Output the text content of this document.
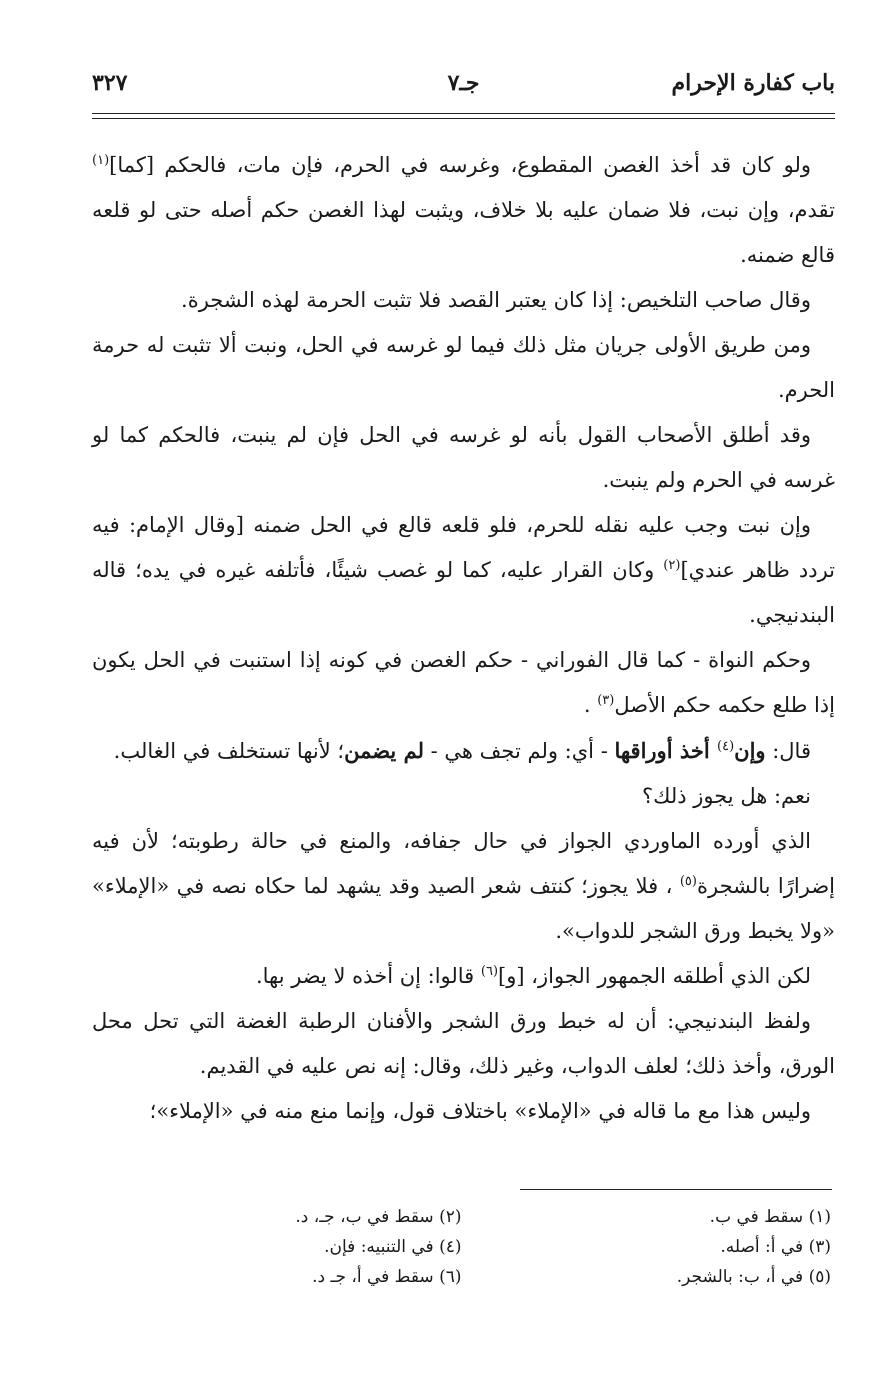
باب كفارة الإحرام
جـ٧
٣٢٧

ولو كان قد أخذ الغصن المقطوع، وغرسه في الحرم، فإن مات، فالحكم [كما]$^{(١)}$ تقدم، وإن نبت، فلا ضمان عليه بلا خلاف، ويثبت لهذا الغصن حكم أصله حتى لو قلعه قالع ضمنه.

وقال صاحب التلخيص: إذا كان يعتبر القصد فلا تثبت الحرمة لهذه الشجرة.

ومن طريق الأولى جريان مثل ذلك فيما لو غرسه في الحل، ونبت ألا تثبت له حرمة الحرم.

وقد أطلق الأصحاب القول بأنه لو غرسه في الحل فإن لم ينبت، فالحكم كما لو غرسه في الحرم ولم ينبت.

وإن نبت وجب عليه نقله للحرم، فلو قلعه قالع في الحل ضمنه [وقال الإمام: فيه تردد ظاهر عندي]$^{(٢)}$ وكان القرار عليه، كما لو غصب شيئًا، فأتلفه غيره في يده؛ قاله البندنيجي.

وحكم النواة - كما قال الفوراني - حكم الغصن في كونه إذا استنبت في الحل يكون إذا طلع حكمه حكم الأصل$^{(٣)}$ .

قال: وإن$^{(٤)}$ أخذ أوراقها - أي: ولم تجف هي - لم يضمن؛ لأنها تستخلف في الغالب.

نعم: هل يجوز ذلك؟

الذي أورده الماوردي الجواز في حال جفافه، والمنع في حالة رطوبته؛ لأن فيه إضرارًا بالشجرة$^{(٥)}$ ، فلا يجوز؛ كنتف شعر الصيد وقد يشهد لما حكاه نصه في «الإملاء» «ولا يخبط ورق الشجر للدواب».

لكن الذي أطلقه الجمهور الجواز، [و]$^{(٦)}$ قالوا: إن أخذه لا يضر بها.

ولفظ البندنيجي: أن له خبط ورق الشجر والأفنان الرطبة الغضة التي تحل محل الورق، وأخذ ذلك؛ لعلف الدواب، وغير ذلك، وقال: إنه نص عليه في القديم.

وليس هذا مع ما قاله في «الإملاء» باختلاف قول، وإنما منع منه في «الإملاء»؛

(١) سقط في ب.
(٢) سقط في ب، جـ، د.
(٣) في أ: أصله.
(٤) في التنبيه: فإن.
(٥) في أ، ب: بالشجر.
(٦) سقط في أ، جـ د.
